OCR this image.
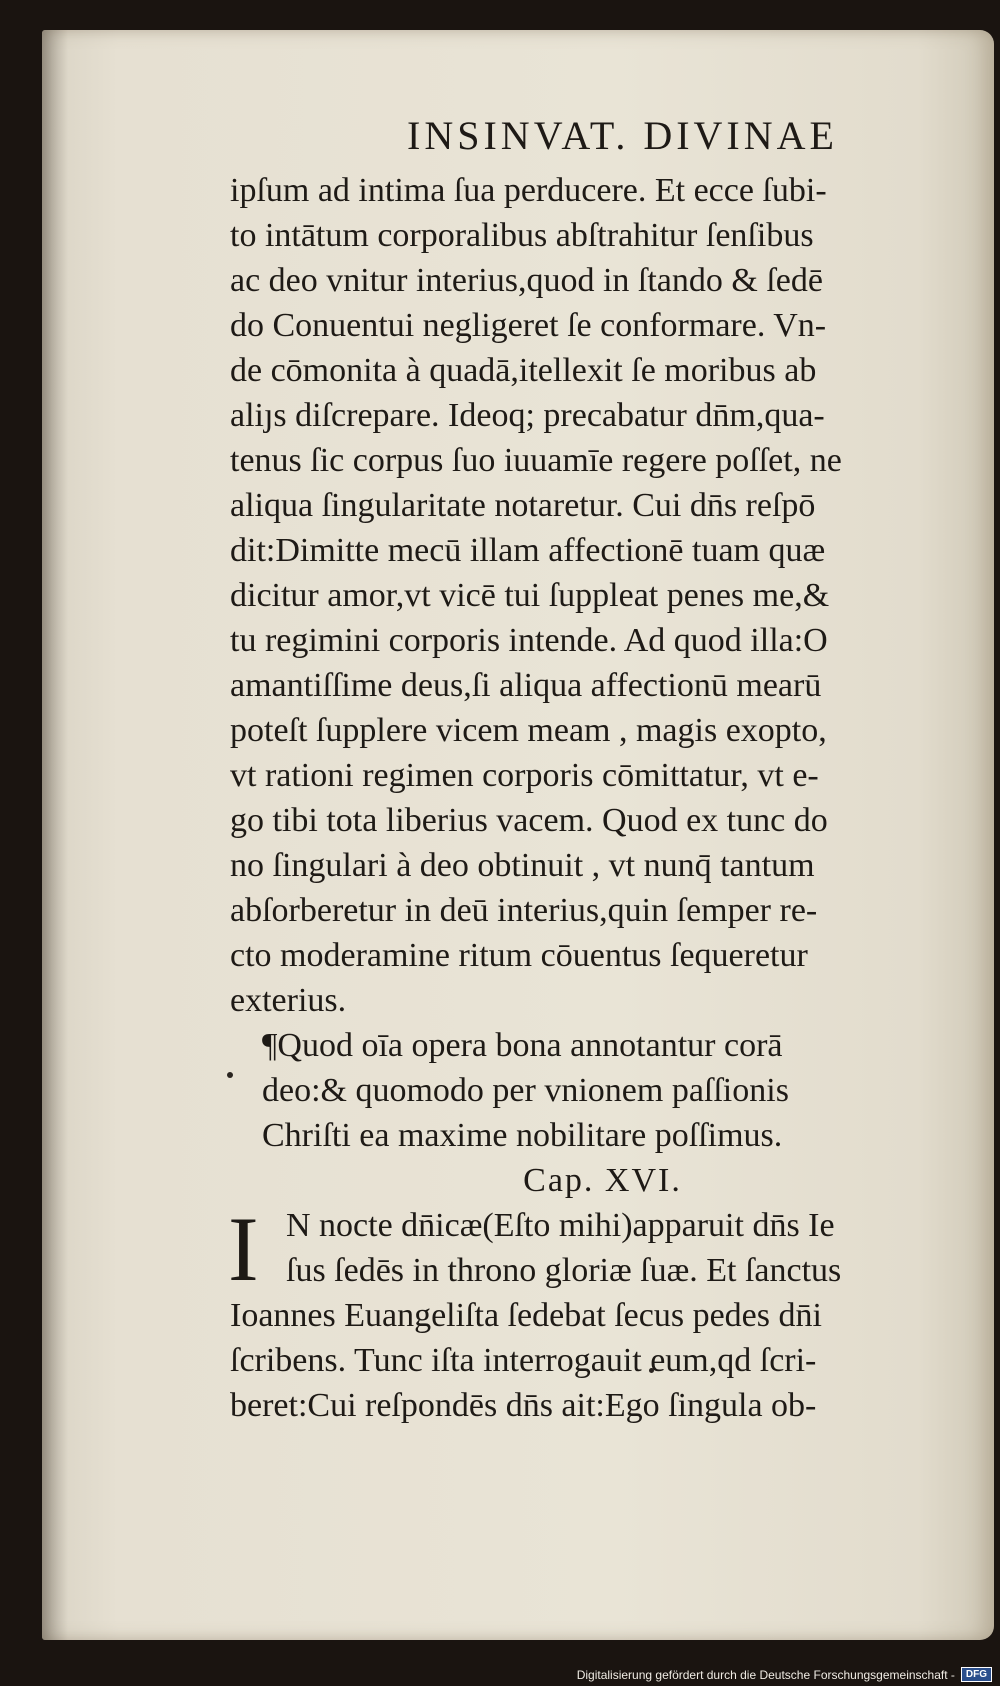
INSINVAT. DIVINAE
ipſum ad intima ſua perducere. Et ecce ſubi-
to intātum corporalibus abſtrahitur ſenſibus
ac deo vnitur interius,quod in ſtando & ſedē
do Conuentui negligeret ſe conformare. Vn-
de cōmonita à quadā,itellexit ſe moribus ab
aliȷs diſcrepare. Ideoq; precabatur dn̄m,qua-
tenus ſic corpus ſuo iuuamīe regere poſſet, ne
aliqua ſingularitate notaretur. Cui dn̄s reſpō
dit:Dimitte mecū illam affectionē tuam quæ
dicitur amor,vt vicē tui ſuppleat penes me,&
tu regimini corporis intende. Ad quod illa:O
amantiſſime deus,ſi aliqua affectionū mearū
poteſt ſupplere vicem meam , magis exopto,
vt rationi regimen corporis cōmittatur, vt e-
go tibi tota liberius vacem. Quod ex tunc do
no ſingulari à deo obtinuit , vt nunq̄ tantum
abſorberetur in deū interius,quin ſemper re-
cto moderamine ritum cōuentus ſequeretur
exterius.
¶Quod oīa opera bona annotantur corā
deo:& quomodo per vnionem paſſionis
Chriſti ea maxime nobilitare poſſimus.
Cap. XVI.
I N nocte dn̄icæ(Eſto mihi)apparuit dn̄s Ie
ſus ſedēs in throno gloriæ ſuæ. Et ſanctus
Ioannes Euangeliſta ſedebat ſecus pedes dn̄i
ſcribens. Tunc iſta interrogauit eum,qd ſcri-
beret:Cui reſpondēs dn̄s ait:Ego ſingula ob-
Digitalisierung gefördert durch die Deutsche Forschungsgemeinschaft -	DFG
